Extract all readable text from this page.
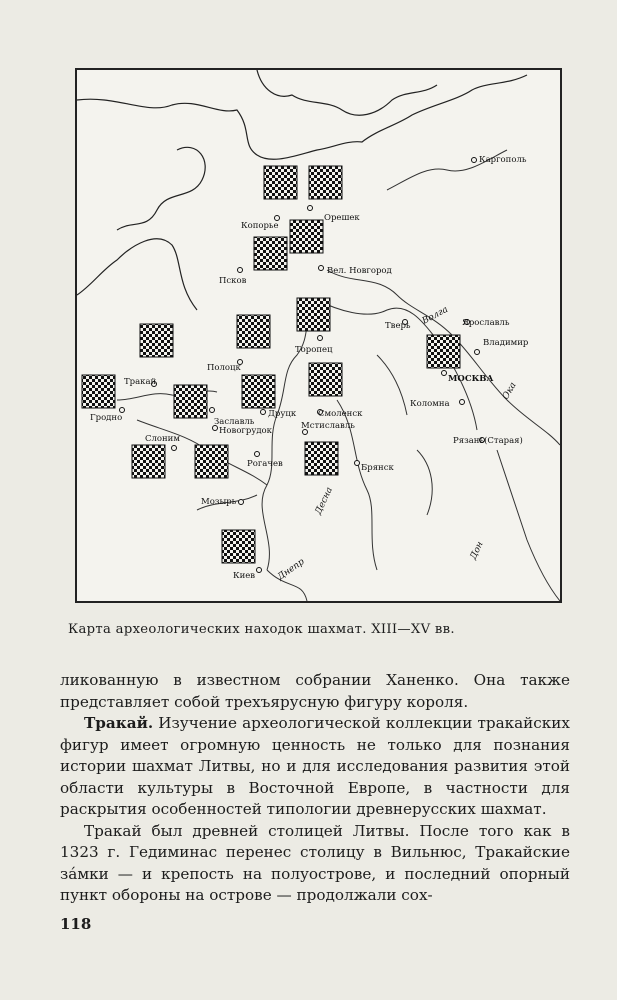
Каргополь
Копорье
Орешек
Псков
Вел. Новгород
Тверь	Ярославль
Владимир
Торопец
Полоцк
МОСКВА
Тракай
Гродно	Заславль
Друцк	Смоленск
Коломна
Новогрудок	Мстиславль
Слоним
Рогачев	Брянск
Рязань(Старая)
Мозырь
Киев
Волга
Ока
Десна
Днепр
Дон
Карта археологических находок шахмат. XIII—XV вв.

ликованную в известном собрании Ханенко. Она также представляет собой трехъярусную фигуру короля.

Тракай. Изучение археологической коллекции тракайских фигур имеет огромную ценность не только для познания истории шахмат Литвы, но и для исследования развития этой области культуры в Восточной Европе, в частности для раскрытия особенностей типологии древнерусских шахмат.

Тракай был древней столицей Литвы. После того как в 1323 г. Гедиминас перенес столицу в Вильнюс, Тракайские за́мки — и крепость на полуострове, и последний опорный пункт обороны на острове — продолжали сох-

118
